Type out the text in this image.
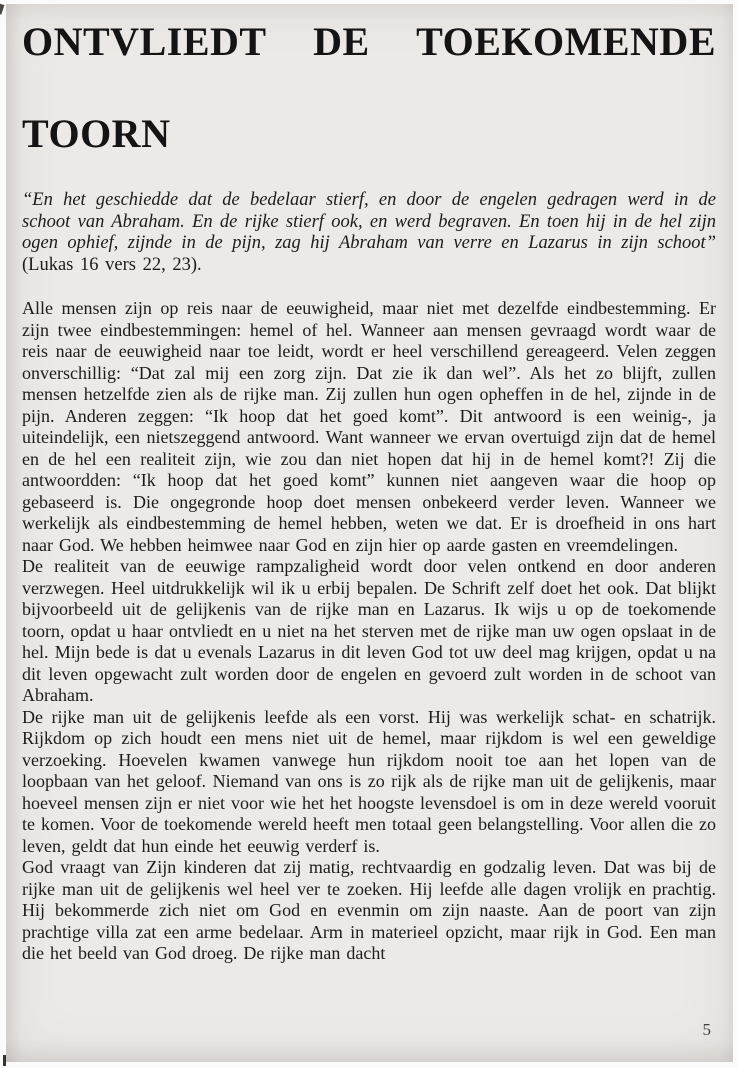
ONTVLIEDT DE TOEKOMENDE
TOORN

“En het geschiedde dat de bedelaar stierf, en door de engelen gedragen werd in de schoot van Abraham. En de rijke stierf ook, en werd begraven. En toen hij in de hel zijn ogen ophief, zijnde in de pijn, zag hij Abraham van verre en Lazarus in zijn schoot” (Lukas 16 vers 22, 23).

Alle mensen zijn op reis naar de eeuwigheid, maar niet met dezelfde eindbestemming. Er zijn twee eindbestemmingen: hemel of hel. Wanneer aan mensen gevraagd wordt waar de reis naar de eeuwigheid naar toe leidt, wordt er heel verschillend gereageerd. Velen zeggen onverschillig: “Dat zal mij een zorg zijn. Dat zie ik dan wel”. Als het zo blijft, zullen mensen hetzelfde zien als de rijke man. Zij zullen hun ogen opheffen in de hel, zijnde in de pijn. Anderen zeggen: “Ik hoop dat het goed komt”. Dit antwoord is een weinig-, ja uiteindelijk, een nietszeggend antwoord. Want wanneer we ervan overtuigd zijn dat de hemel en de hel een realiteit zijn, wie zou dan niet hopen dat hij in de hemel komt?! Zij die antwoordden: “Ik hoop dat het goed komt” kunnen niet aangeven waar die hoop op gebaseerd is. Die ongegronde hoop doet mensen onbekeerd verder leven. Wanneer we werkelijk als eindbestemming de hemel hebben, weten we dat. Er is droefheid in ons hart naar God. We hebben heimwee naar God en zijn hier op aarde gasten en vreemdelingen.

De realiteit van de eeuwige rampzaligheid wordt door velen ontkend en door anderen verzwegen. Heel uitdrukkelijk wil ik u erbij bepalen. De Schrift zelf doet het ook. Dat blijkt bijvoorbeeld uit de gelijkenis van de rijke man en Lazarus. Ik wijs u op de toekomende toorn, opdat u haar ontvliedt en u niet na het sterven met de rijke man uw ogen opslaat in de hel. Mijn bede is dat u evenals Lazarus in dit leven God tot uw deel mag krijgen, opdat u na dit leven opgewacht zult worden door de engelen en gevoerd zult worden in de schoot van Abraham.

De rijke man uit de gelijkenis leefde als een vorst. Hij was werkelijk schat- en schatrijk. Rijkdom op zich houdt een mens niet uit de hemel, maar rijkdom is wel een geweldige verzoeking. Hoevelen kwamen vanwege hun rijkdom nooit toe aan het lopen van de loopbaan van het geloof. Niemand van ons is zo rijk als de rijke man uit de gelijkenis, maar hoeveel mensen zijn er niet voor wie het het hoogste levensdoel is om in deze wereld vooruit te komen. Voor de toekomende wereld heeft men totaal geen belangstelling. Voor allen die zo leven, geldt dat hun einde het eeuwig verderf is.

God vraagt van Zijn kinderen dat zij matig, rechtvaardig en godzalig leven. Dat was bij de rijke man uit de gelijkenis wel heel ver te zoeken. Hij leefde alle dagen vrolijk en prachtig. Hij bekommerde zich niet om God en evenmin om zijn naaste. Aan de poort van zijn prachtige villa zat een arme bedelaar. Arm in materieel opzicht, maar rijk in God. Een man die het beeld van God droeg. De rijke man dacht

5
